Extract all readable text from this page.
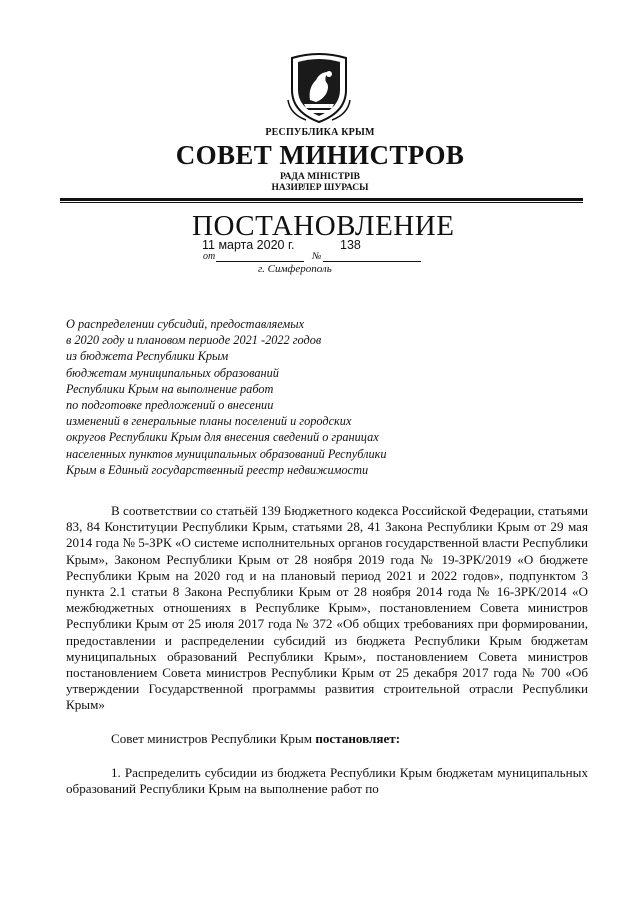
РЕСПУБЛИКА КРЫМ
СОВЕТ МИНИСТРОВ
РАДА МІНІСТРІВ
НАЗИРЛЕР ШУРАСЫ
ПОСТАНОВЛЕНИЕ
11 марта 2020 г.	138
от	№
г. Симферополь
О распределении субсидий, предоставляемых
в 2020 году и плановом периоде 2021 -2022 годов
из бюджета Республики Крым
бюджетам муниципальных образований
Республики Крым на выполнение работ
по подготовке предложений о внесении
изменений в генеральные планы поселений и городских
округов Республики Крым для внесения сведений о границах
населенных пунктов муниципальных образований Республики
Крым в Единый государственный реестр недвижимости
В соответствии со статьёй 139 Бюджетного кодекса Российской Федерации, статьями 83, 84 Конституции Республики Крым, статьями 28, 41 Закона Республики Крым от 29 мая 2014 года № 5-ЗРК «О системе исполнительных органов государственной власти Республики Крым», Законом Республики Крым от 28 ноября 2019 года № 19-ЗРК/2019 «О бюджете Республики Крым на 2020 год и на плановый период 2021 и 2022 годов», подпунктом 3 пункта 2.1 статьи 8 Закона Республики Крым от 28 ноября 2014 года № 16-ЗРК/2014 «О межбюджетных отношениях в Республике Крым», постановлением Совета министров Республики Крым от 25 июля 2017 года № 372 «Об общих требованиях при формировании, предоставлении и распределении субсидий из бюджета Республики Крым бюджетам муниципальных образований Республики Крым», постановлением Совета министров постановлением Совета министров Республики Крым от 25 декабря 2017 года № 700 «Об утверждении Государственной программы развития строительной отрасли Республики Крым»
Совет министров Республики Крым постановляет:
1. Распределить субсидии из бюджета Республики Крым бюджетам муниципальных образований Республики Крым на выполнение работ по
